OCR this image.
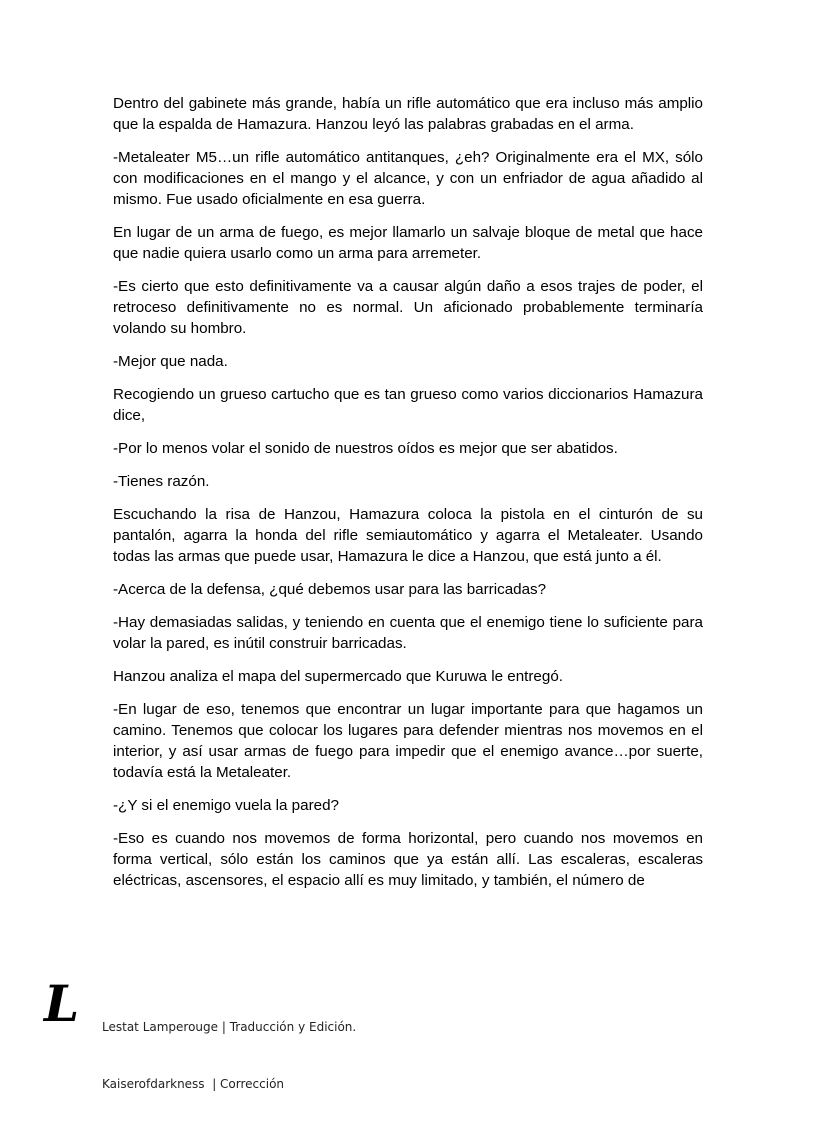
Dentro del gabinete más grande, había un rifle automático que era incluso más amplio que la espalda de Hamazura. Hanzou leyó las palabras grabadas en el arma.

-Metaleater M5…un rifle automático antitanques, ¿eh? Originalmente era el MX, sólo con modificaciones en el mango y el alcance, y con un enfriador de agua añadido al mismo. Fue usado oficialmente en esa guerra.

En lugar de un arma de fuego, es mejor llamarlo un salvaje bloque de metal que hace que nadie quiera usarlo como un arma para arremeter.

-Es cierto que esto definitivamente va a causar algún daño a esos trajes de poder, el retroceso definitivamente no es normal. Un aficionado probablemente terminaría volando su hombro.

-Mejor que nada.

Recogiendo un grueso cartucho que es tan grueso como varios diccionarios Hamazura dice,

-Por lo menos volar el sonido de nuestros oídos es mejor que ser abatidos.

-Tienes razón.

Escuchando la risa de Hanzou, Hamazura coloca la pistola en el cinturón de su pantalón, agarra la honda del rifle semiautomático y agarra el Metaleater. Usando todas las armas que puede usar, Hamazura le dice a Hanzou, que está junto a él.

-Acerca de la defensa, ¿qué debemos usar para las barricadas?

-Hay demasiadas salidas, y teniendo en cuenta que el enemigo tiene lo suficiente para volar la pared, es inútil construir barricadas.

Hanzou analiza el mapa del supermercado que Kuruwa le entregó.

-En lugar de eso, tenemos que encontrar un lugar importante para que hagamos un camino. Tenemos que colocar los lugares para defender mientras nos movemos en el interior, y así usar armas de fuego para impedir que el enemigo avance…por suerte, todavía está la Metaleater.

-¿Y si el enemigo vuela la pared?

-Eso es cuando nos movemos de forma horizontal, pero cuando nos movemos en forma vertical, sólo están los caminos que ya están allí. Las escaleras, escaleras eléctricas, ascensores, el espacio allí es muy limitado, y también, el número de

L

	Lestat Lamperouge | Traducción y Edición.

Kaiserofdarkness  | Corrección
